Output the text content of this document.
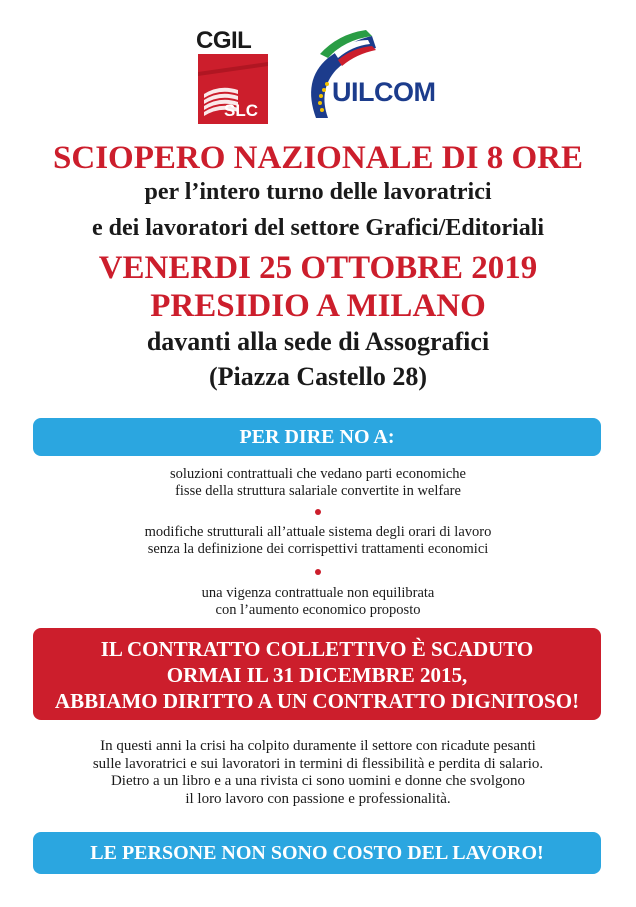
CGIL
SLC
UILCOM
SCIOPERO NAZIONALE DI 8 ORE
per l’intero turno delle lavoratrici
e dei lavoratori del settore Grafici/Editoriali
VENERDI 25 OTTOBRE 2019
PRESIDIO A MILANO
davanti alla sede di Assografici
(Piazza Castello 28)
PER DIRE NO A:
soluzioni contrattuali che vedano parti economiche
fisse della struttura salariale convertite in welfare
modifiche strutturali all’attuale sistema degli orari di lavoro
senza la definizione dei corrispettivi trattamenti economici
una vigenza contrattuale non equilibrata
con l’aumento economico proposto
IL CONTRATTO COLLETTIVO È SCADUTO
ORMAI IL 31 DICEMBRE 2015,
ABBIAMO DIRITTO A UN CONTRATTO DIGNITOSO!
In questi anni la crisi ha colpito duramente il settore con ricadute pesanti
sulle lavoratrici e sui lavoratori in termini di flessibilità e perdita di salario.
Dietro a un libro e a una rivista ci sono uomini e donne che svolgono
il loro lavoro con passione e professionalità.
LE PERSONE NON SONO COSTO DEL LAVORO!
